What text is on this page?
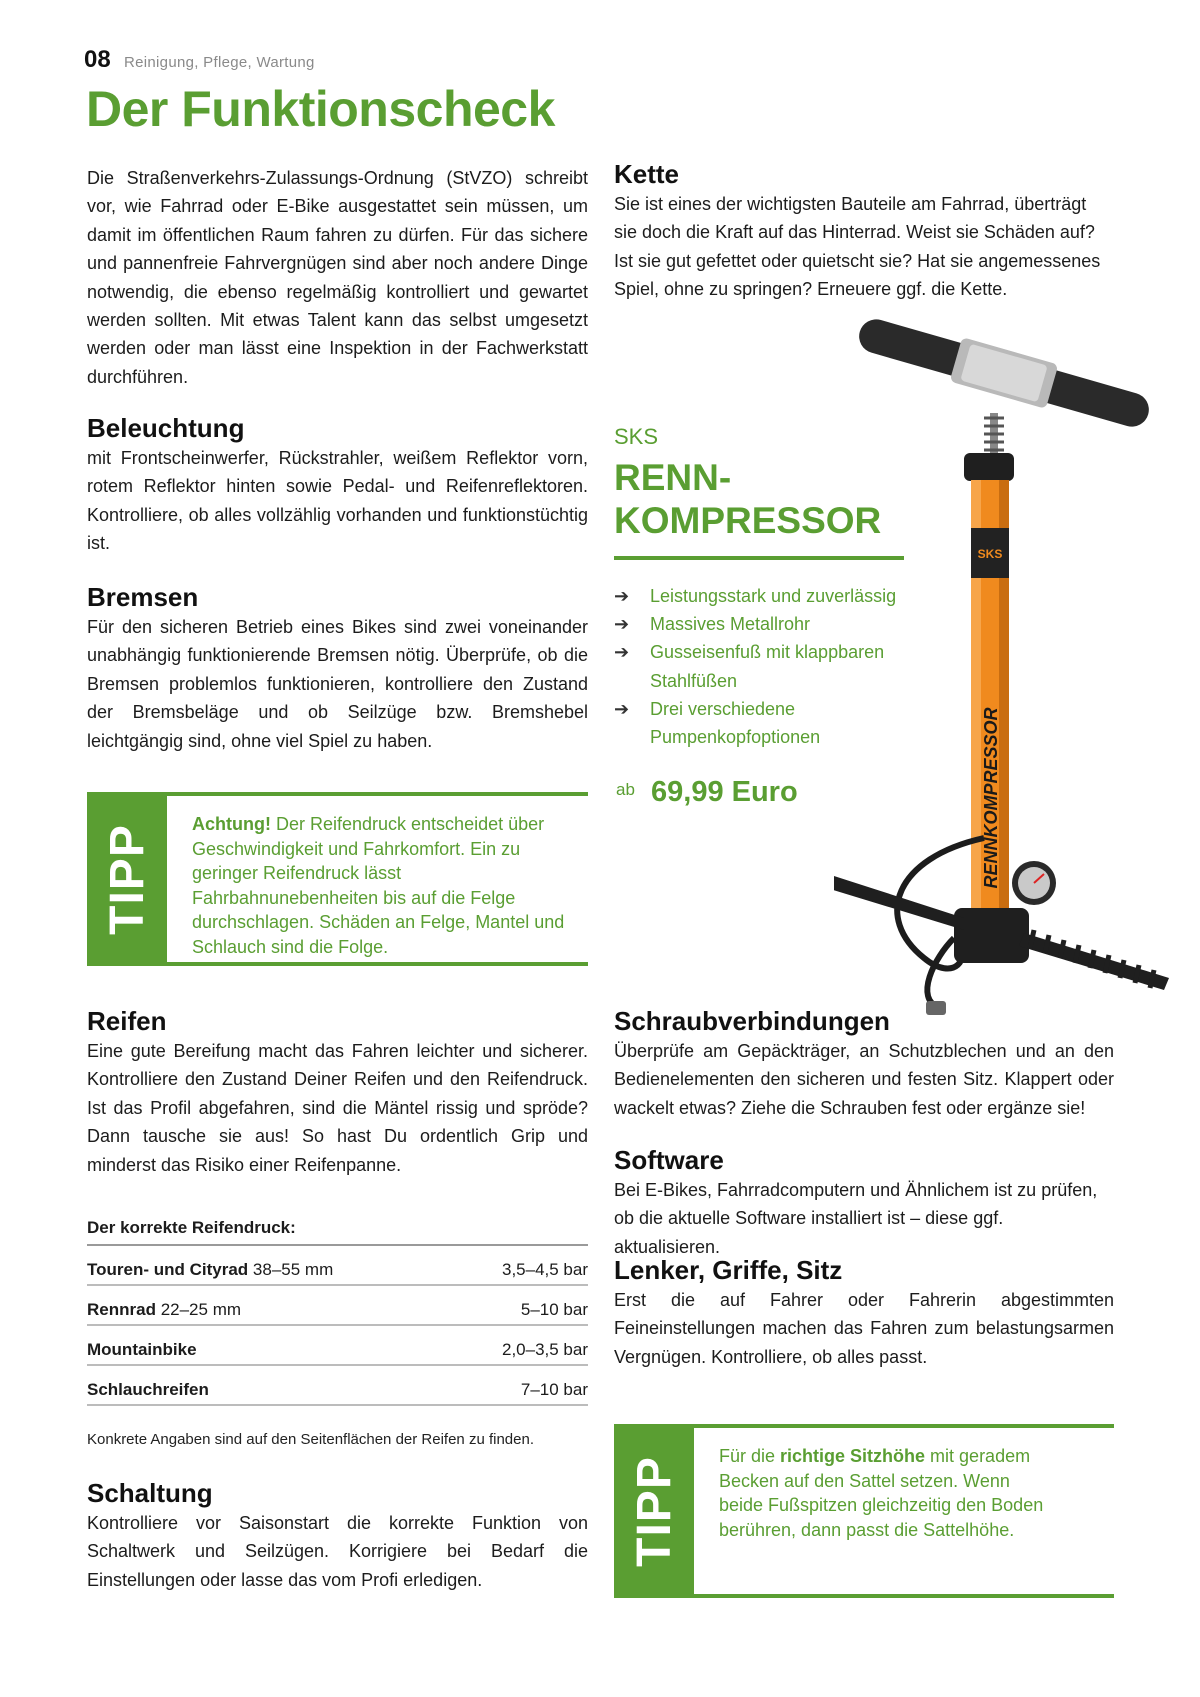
08 Reinigung, Pflege, Wartung
Der Funktionscheck

Die Straßenverkehrs-Zulassungs-Ordnung (StVZO) schreibt vor, wie Fahrrad oder E-Bike ausgestattet sein müssen, um damit im öffentlichen Raum fahren zu dürfen. Für das sichere und pannenfreie Fahrvergnügen sind aber noch andere Dinge notwendig, die ebenso regelmäßig kontrolliert und gewartet werden sollten. Mit etwas Talent kann das selbst umgesetzt werden oder man lässt eine Inspektion in der Fachwerkstatt durchführen.

Beleuchtung

mit Frontscheinwerfer, Rückstrahler, weißem Reflektor vorn, rotem Reflektor hinten sowie Pedal- und Reifenreflektoren. Kontrolliere, ob alles vollzählig vorhanden und funktionstüchtig ist.

Bremsen

Für den sicheren Betrieb eines Bikes sind zwei voneinander unabhängig funktionierende Bremsen nötig. Überprüfe, ob die Bremsen problemlos funktionieren, kontrolliere den Zustand der Bremsbeläge und ob Seilzüge bzw. Bremshebel leichtgängig sind, ohne viel Spiel zu haben.

TIPP Achtung! Der Reifendruck entscheidet über Geschwindigkeit und Fahrkomfort. Ein zu geringer Reifendruck lässt Fahrbahnunebenheiten bis auf die Felge durchschlagen. Schäden an Felge, Mantel und Schlauch sind die Folge.
Reifen

Eine gute Bereifung macht das Fahren leichter und sicherer. Kontrolliere den Zustand Deiner Reifen und den Reifendruck. Ist das Profil abgefahren, sind die Mäntel rissig und spröde? Dann tausche sie aus! So hast Du ordentlich Grip und minderst das Risiko einer Reifenpanne.

Der korrekte Reifendruck:
Touren- und Cityrad 38–55 mm	3,5–4,5 bar
Rennrad 22–25 mm	5–10 bar
Mountainbike	2,0–3,5 bar
Schlauchreifen	7–10 bar
Konkrete Angaben sind auf den Seitenflächen der Reifen zu finden.
Schaltung

Kontrolliere vor Saisonstart die korrekte Funktion von Schaltwerk und Seilzügen. Korrigiere bei Bedarf die Einstellungen oder lasse das vom Profi erledigen.

Kette

Sie ist eines der wichtigsten Bauteile am Fahrrad, überträgt sie doch die Kraft auf das Hinterrad. Weist sie Schäden auf? Ist sie gut gefettet oder quietscht sie? Hat sie angemessenes Spiel, ohne zu springen? Erneuere ggf. die Kette.

SKS
RENNKOMPRESSOR
SKS
RENN-
KOMPRESSOR
➔ Leistungsstark und zuverlässig
➔ Massives Metallrohr
➔ Gusseisenfuß mit klappbaren Stahlfüßen
➔ Drei verschiedene Pumpenkopfoptionen
ab 69,99 Euro
Schraubverbindungen

Überprüfe am Gepäckträger, an Schutzblechen und an den Bedienelementen den sicheren und festen Sitz. Klappert oder wackelt etwas? Ziehe die Schrauben fest oder ergänze sie!

Software

Bei E-Bikes, Fahrradcomputern und Ähnlichem ist zu prüfen, ob die aktuelle Software installiert ist – diese ggf. aktualisieren.

Lenker, Griffe, Sitz

Erst die auf Fahrer oder Fahrerin abgestimmten Feineinstellungen machen das Fahren zum belastungsarmen Vergnügen. Kontrolliere, ob alles passt.

TIPP Für die richtige Sitzhöhe mit geradem Becken auf den Sattel setzen. Wenn beide Fußspitzen gleichzeitig den Boden berühren, dann passt die Sattelhöhe.
